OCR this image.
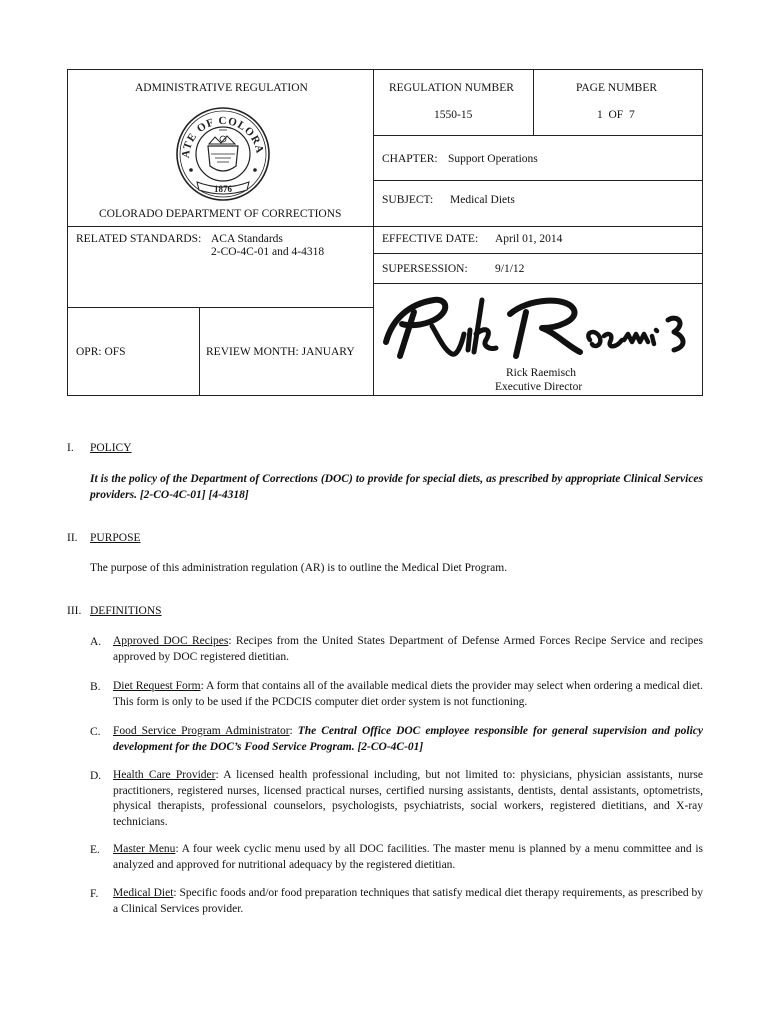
ADMINISTRATIVE REGULATION	REGULATION NUMBER
1550-15
PAGE NUMBER
1  OF  7
CHAPTER: Support Operations
SUBJECT: Medical Diets
ATE OF COLORA
1876
COLORADO DEPARTMENT OF CORRECTIONS
RELATED STANDARDS: ACA Standards
2-CO-4C-01 and 4-4318
EFFECTIVE DATE: April 01, 2014
SUPERSESSION: 9/1/12
OPR: OFS	REVIEW MONTH: JANUARY
Rick Raemisch
Executive Director
I. POLICY
It is the policy of the Department of Corrections (DOC) to provide for special diets, as prescribed by appropriate Clinical Services providers. [2-CO-4C-01] [4-4318]
II. PURPOSE
The purpose of this administration regulation (AR) is to outline the Medical Diet Program.
III. DEFINITIONS
A. Approved DOC Recipes: Recipes from the United States Department of Defense Armed Forces Recipe Service and recipes approved by DOC registered dietitian.
B. Diet Request Form: A form that contains all of the available medical diets the provider may select when ordering a medical diet. This form is only to be used if the PCDCIS computer diet order system is not functioning.
C. Food Service Program Administrator: The Central Office DOC employee responsible for general supervision and policy development for the DOC’s Food Service Program. [2-CO-4C-01]
D. Health Care Provider: A licensed health professional including, but not limited to: physicians, physician assistants, nurse practitioners, registered nurses, licensed practical nurses, certified nursing assistants, dentists, dental assistants, optometrists, physical therapists, professional counselors, psychologists, psychiatrists, social workers, registered dietitians, and X-ray technicians.
E. Master Menu: A four week cyclic menu used by all DOC facilities. The master menu is planned by a menu committee and is analyzed and approved for nutritional adequacy by the registered dietitian.
F. Medical Diet: Specific foods and/or food preparation techniques that satisfy medical diet therapy requirements, as prescribed by a Clinical Services provider.
